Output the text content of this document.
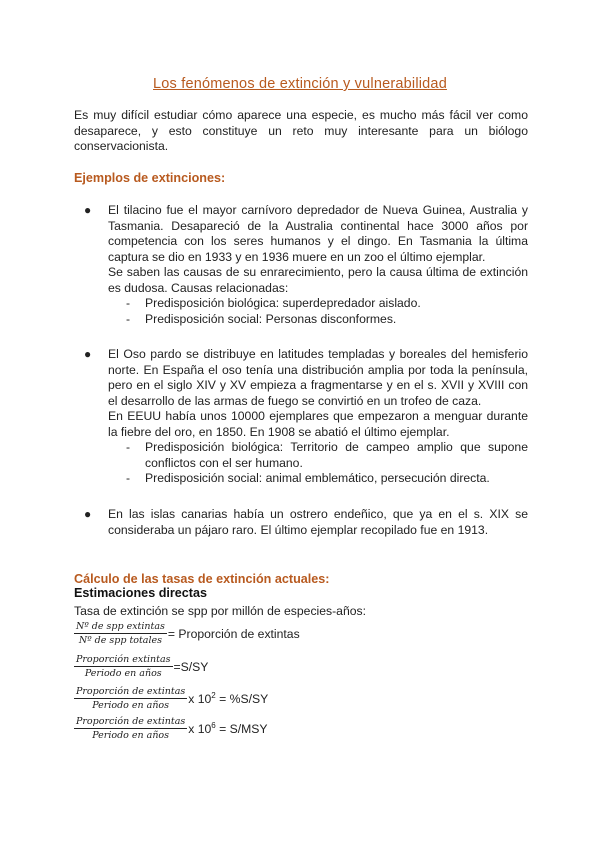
Los fenómenos de extinción y vulnerabilidad
Es muy difícil estudiar cómo aparece una especie, es mucho más fácil ver como desaparece, y esto constituye un reto muy interesante para un biólogo conservacionista.
Ejemplos de extinciones:
● El tilacino fue el mayor carnívoro depredador de Nueva Guinea, Australia y Tasmania. Desapareció de la Australia continental hace 3000 años por competencia con los seres humanos y el dingo. En Tasmania la última captura se dio en 1933 y en 1936 muere en un zoo el último ejemplar.

Se saben las causas de su enrarecimiento, pero la causa última de extinción es dudosa. Causas relacionadas:

-	Predisposición biológica: superdepredador aislado.
-	Predisposición social: Personas disconformes.
● El Oso pardo se distribuye en latitudes templadas y boreales del hemisferio norte. En España el oso tenía una distribución amplia por toda la península, pero en el siglo XIV y XV empieza a fragmentarse y en el s. XVII y XVIII con el desarrollo de las armas de fuego se convirtió en un trofeo de caza.

En EEUU había unos 10000 ejemplares que empezaron a menguar durante la fiebre del oro, en 1850. En 1908 se abatió el último ejemplar.

-	Predisposición biológica: Territorio de campeo amplio que supone conflictos con el ser humano.
-	Predisposición social: animal emblemático, persecución directa.
● En las islas canarias había un ostrero endeñico, que ya en el s. XIX se consideraba un pájaro raro. El último ejemplar recopilado fue en 1913.

Cálculo de las tasas de extinción actuales:
Estimaciones directas
Tasa de extinción se spp por millón de especies-años:
$\frac{\text{Nº de spp extintas}}{\text{Nº de spp totales}}$ = Proporción de extintas
$\frac{\text{Proporción extintas}}{\text{Periodo en años}} =S/SY$
$\frac{\text{Proporción de extintas}}{\text{Periodo en años}}$ x $10^2 = \%S/SY$
$\frac{\text{Proporción de extintas}}{\text{Periodo en años}}$ x $10^6 = S/MSY$
